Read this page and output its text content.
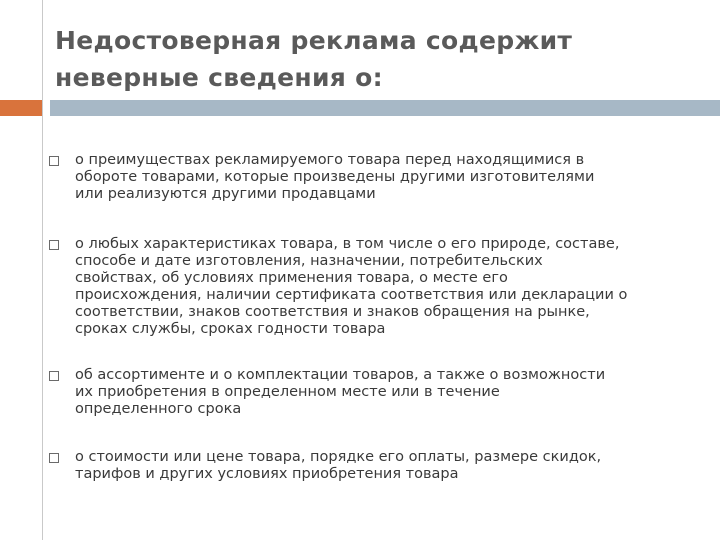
Недостоверная реклама содержит
неверные сведения о:
о преимуществах рекламируемого товара перед находящимися в
обороте товарами, которые произведены другими изготовителями
или реализуются другими продавцами
о любых характеристиках товара, в том числе о его природе, составе,
способе и дате изготовления, назначении, потребительских
свойствах, об условиях применения товара, о месте его
происхождения, наличии сертификата соответствия или декларации о
соответствии, знаков соответствия и знаков обращения на рынке,
сроках службы, сроках годности товара
об ассортименте и о комплектации товаров, а также о возможности
их приобретения в определенном месте или в течение
определенного срока
о стоимости или цене товара, порядке его оплаты, размере скидок,
тарифов и других условиях приобретения товара
